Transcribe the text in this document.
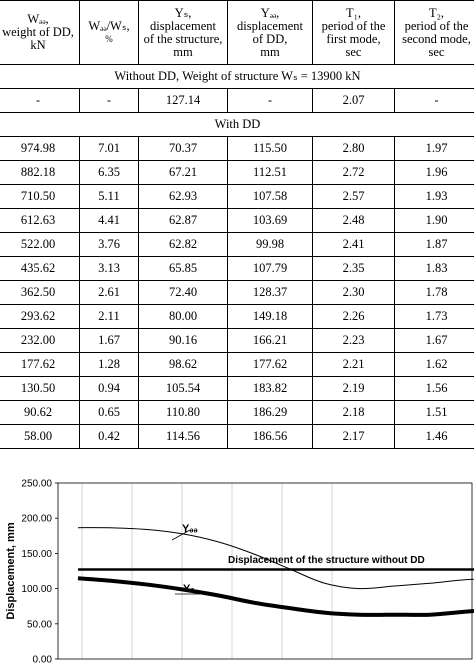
Wₔₔ,
weight of DD,
kN	Wₔₔ/Wₛ,
%	Yₛ,
displacement
of the structure,
mm	Yₔₔ,
displacement
of DD,
mm	T₁,
period of the
first mode,
sec	T₂,
period of the
second mode,
sec

Without DD, Weight of structure Wₛ = 13900 kN					
-	-	127.14	-	2.07	-
With DD					
974.98	7.01	70.37	115.50	2.80	1.97
882.18	6.35	67.21	112.51	2.72	1.96
710.50	5.11	62.93	107.58	2.57	1.93
612.63	4.41	62.87	103.69	2.48	1.90
522.00	3.76	62.82	99.98	2.41	1.87
435.62	3.13	65.85	107.79	2.35	1.83
362.50	2.61	72.40	128.37	2.30	1.78
293.62	2.11	80.00	149.18	2.26	1.73
232.00	1.67	90.16	166.21	2.23	1.67
177.62	1.28	98.62	177.62	2.21	1.62
130.50	0.94	105.54	183.82	2.19	1.56
90.62	0.65	110.80	186.29	2.18	1.51
58.00	0.42	114.56	186.56	2.17	1.46
0.00
50.00
100.00
150.00
200.00
250.00
Displacement, mm	Yₔₔ
Displacement of the structure without DD
Yₛ
